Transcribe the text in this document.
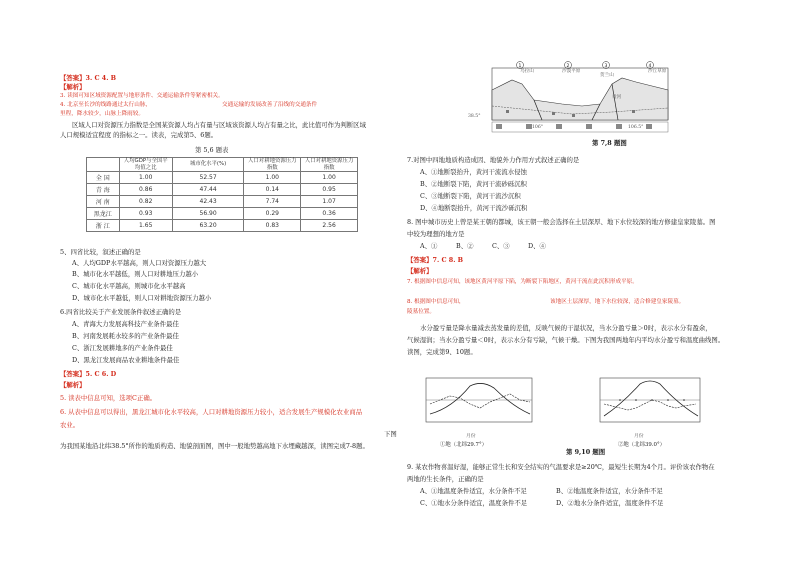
【答案】3. C 4. B
【解析】
3. 读图可知区域资源配置与地形条件、交通运输条件等紧密相关。
4. 北京至长沙的线路通过太行山脉，	交通运输的发展改善了沿线的交通条件
里程，降水较少，山脉上降雨较。
区域人口对资源压力指数是全国某资源人均占有量与区域该资源人均占有量之比，此比值可作为判断区域
人口规模适宜程度 的指标之一。读表，完成第5、6题。
第 5,6 题表
	人均GDP与全国平均值之比	城市化水平(%)	人口对耕地资源压力指数	人口对耕地资源压力指数
全 国	1.00	52.57	1.00	1.00
青 海	0.86	47.44	0.14	0.95
河 南	0.82	42.43	7.74	1.07
黑龙江	0.93	56.90	0.29	0.36
浙 江	1.65	63.20	0.83	2.56
5、四省比较，叙述正确的是
A、人均GDP水平越高，则人口对资源压力越大
B、城市化水平越低，则人口对耕地压力越小
C、城市化水平越高，则城市化水平越高
D、城市化水平越低，则人口对耕地资源压力越小
6.四省比较关于产业发展条件叙述正确的是
A、青海大力发展高科技产业条件最佳
B、河南发展耗水较多的产业条件最佳
C、浙江发展耕地多的产业条件最佳
D、黑龙江发展商品农业耕地条件最佳
【答案】5. C 6. D
【解析】
5. 读表中信息可知，选项C正确。
6. 从表中信息可以得出，黑龙江城市化水平较高，人口对耕地资源压力较小，适合发展生产规模化农业商品
农业。
下图
为我国某地沿北纬38.5°所作的地质构造、地貌剖面图，图中一般地势越高地下水埋藏越深，读图完成7-8题。
1	2	3	4
乌拉山	沙漠平原
贺兰山
黄河
沙丘草原
38.5°
106°	106.5°
第 7,8 题图
7.对图中四地地质构造成因、地貌外力作用方式叙述正确的是
A、①地断裂抬升，黄河干流流水侵蚀
B、②地断裂下陷，黄河干流砂砾沉积
C、③地断裂下陷，黄河干流沙沉积
D、④地断裂抬升，黄河干流沙砾沉积
8. 图中城市历史上曾是某王朝的都城，该王朝一般会选择在土层深厚、地下水位较深的地方修建皇家陵墓。图
中较为理想的地方是
A、①	B、②	C、③	D、④
【答案】7. C 8. B
【解析】
7. 根据图中信息可知，该地区黄河平原下陷，为断裂下陷地区，黄河干流在此沉积形成平原。
8. 根据图中信息可知，	该地区土层深厚，地下水位较深，适合修建皇家陵墓。
陵墓位置。
水分盈亏量是降水量减去蒸发量的差值，反映气候的干湿状况，当水分盈亏量＞0时，表示水分有盈余，
气候湿润；当水分盈亏量＜0时，表示水分有亏缺，气候干燥。下图为我国两地年内平均水分盈亏和温度曲线图。
读图，完成第9、10题。
月份
①地（北纬29.7°）
月份
②地（北纬39.0°）
第 9,10 题图
9. 某农作物喜温好湿，能够正常生长和安全结实的气温要求是≥20℃，最短生长期为4个月。评价该农作物在
两地的生长条件，正确的是
A、①地温度条件适宜，水分条件不足	B、②地温度条件适宜，水分条件不足
C、①地水分条件适宜，温度条件不足	D、②地水分条件适宜，温度条件不足
